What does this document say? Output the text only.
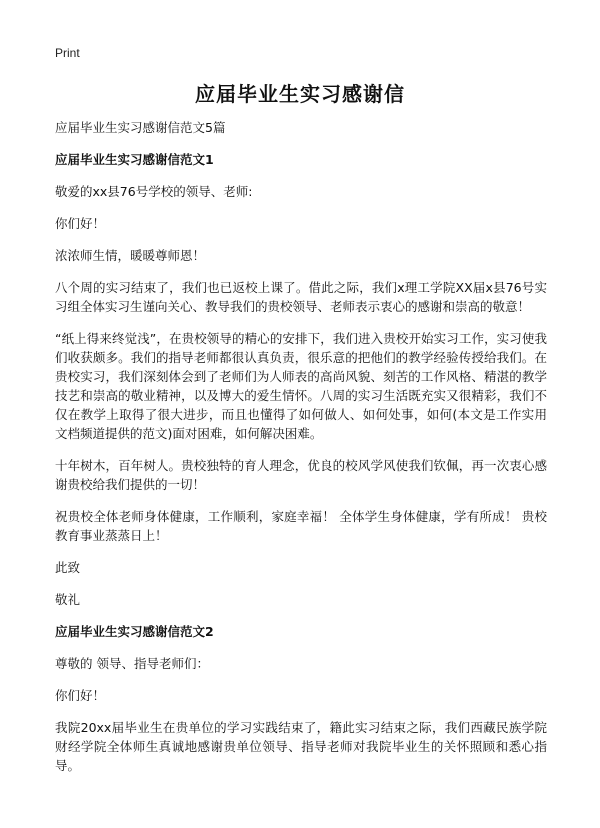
Print
应届毕业生实习感谢信

应届毕业生实习感谢信范文5篇

应届毕业生实习感谢信范文1

敬爱的xx县76号学校的领导、老师:

你们好！

浓浓师生情，暖暖尊师恩！

八个周的实习结束了，我们也已返校上课了。借此之际，我们x理工学院XX届x县76号实习组全体实习生谨向关心、教导我们的贵校领导、老师表示衷心的感谢和崇高的敬意！

“纸上得来终觉浅”，在贵校领导的精心的安排下，我们进入贵校开始实习工作，实习使我们收获颇多。我们的指导老师都很认真负责，很乐意的把他们的教学经验传授给我们。在贵校实习，我们深刻体会到了老师们为人师表的高尚风貌、刻苦的工作风格、精湛的教学技艺和崇高的敬业精神，以及博大的爱生情怀。八周的实习生活既充实又很精彩，我们不仅在教学上取得了很大进步，而且也懂得了如何做人、如何处事，如何(本文是工作实用文档频道提供的范文)面对困难，如何解决困难。

十年树木，百年树人。贵校独特的育人理念，优良的校风学风使我们钦佩，再一次衷心感谢贵校给我们提供的一切！

祝贵校全体老师身体健康，工作顺利，家庭幸福！ 全体学生身体健康，学有所成！ 贵校教育事业蒸蒸日上！

此致

敬礼

应届毕业生实习感谢信范文2

尊敬的 领导、指导老师们：

你们好！

我院20xx届毕业生在贵单位的学习实践结束了，籍此实习结束之际，我们西藏民族学院财经学院全体师生真诚地感谢贵单位领导、指导老师对我院毕业生的关怀照顾和悉心指导。
